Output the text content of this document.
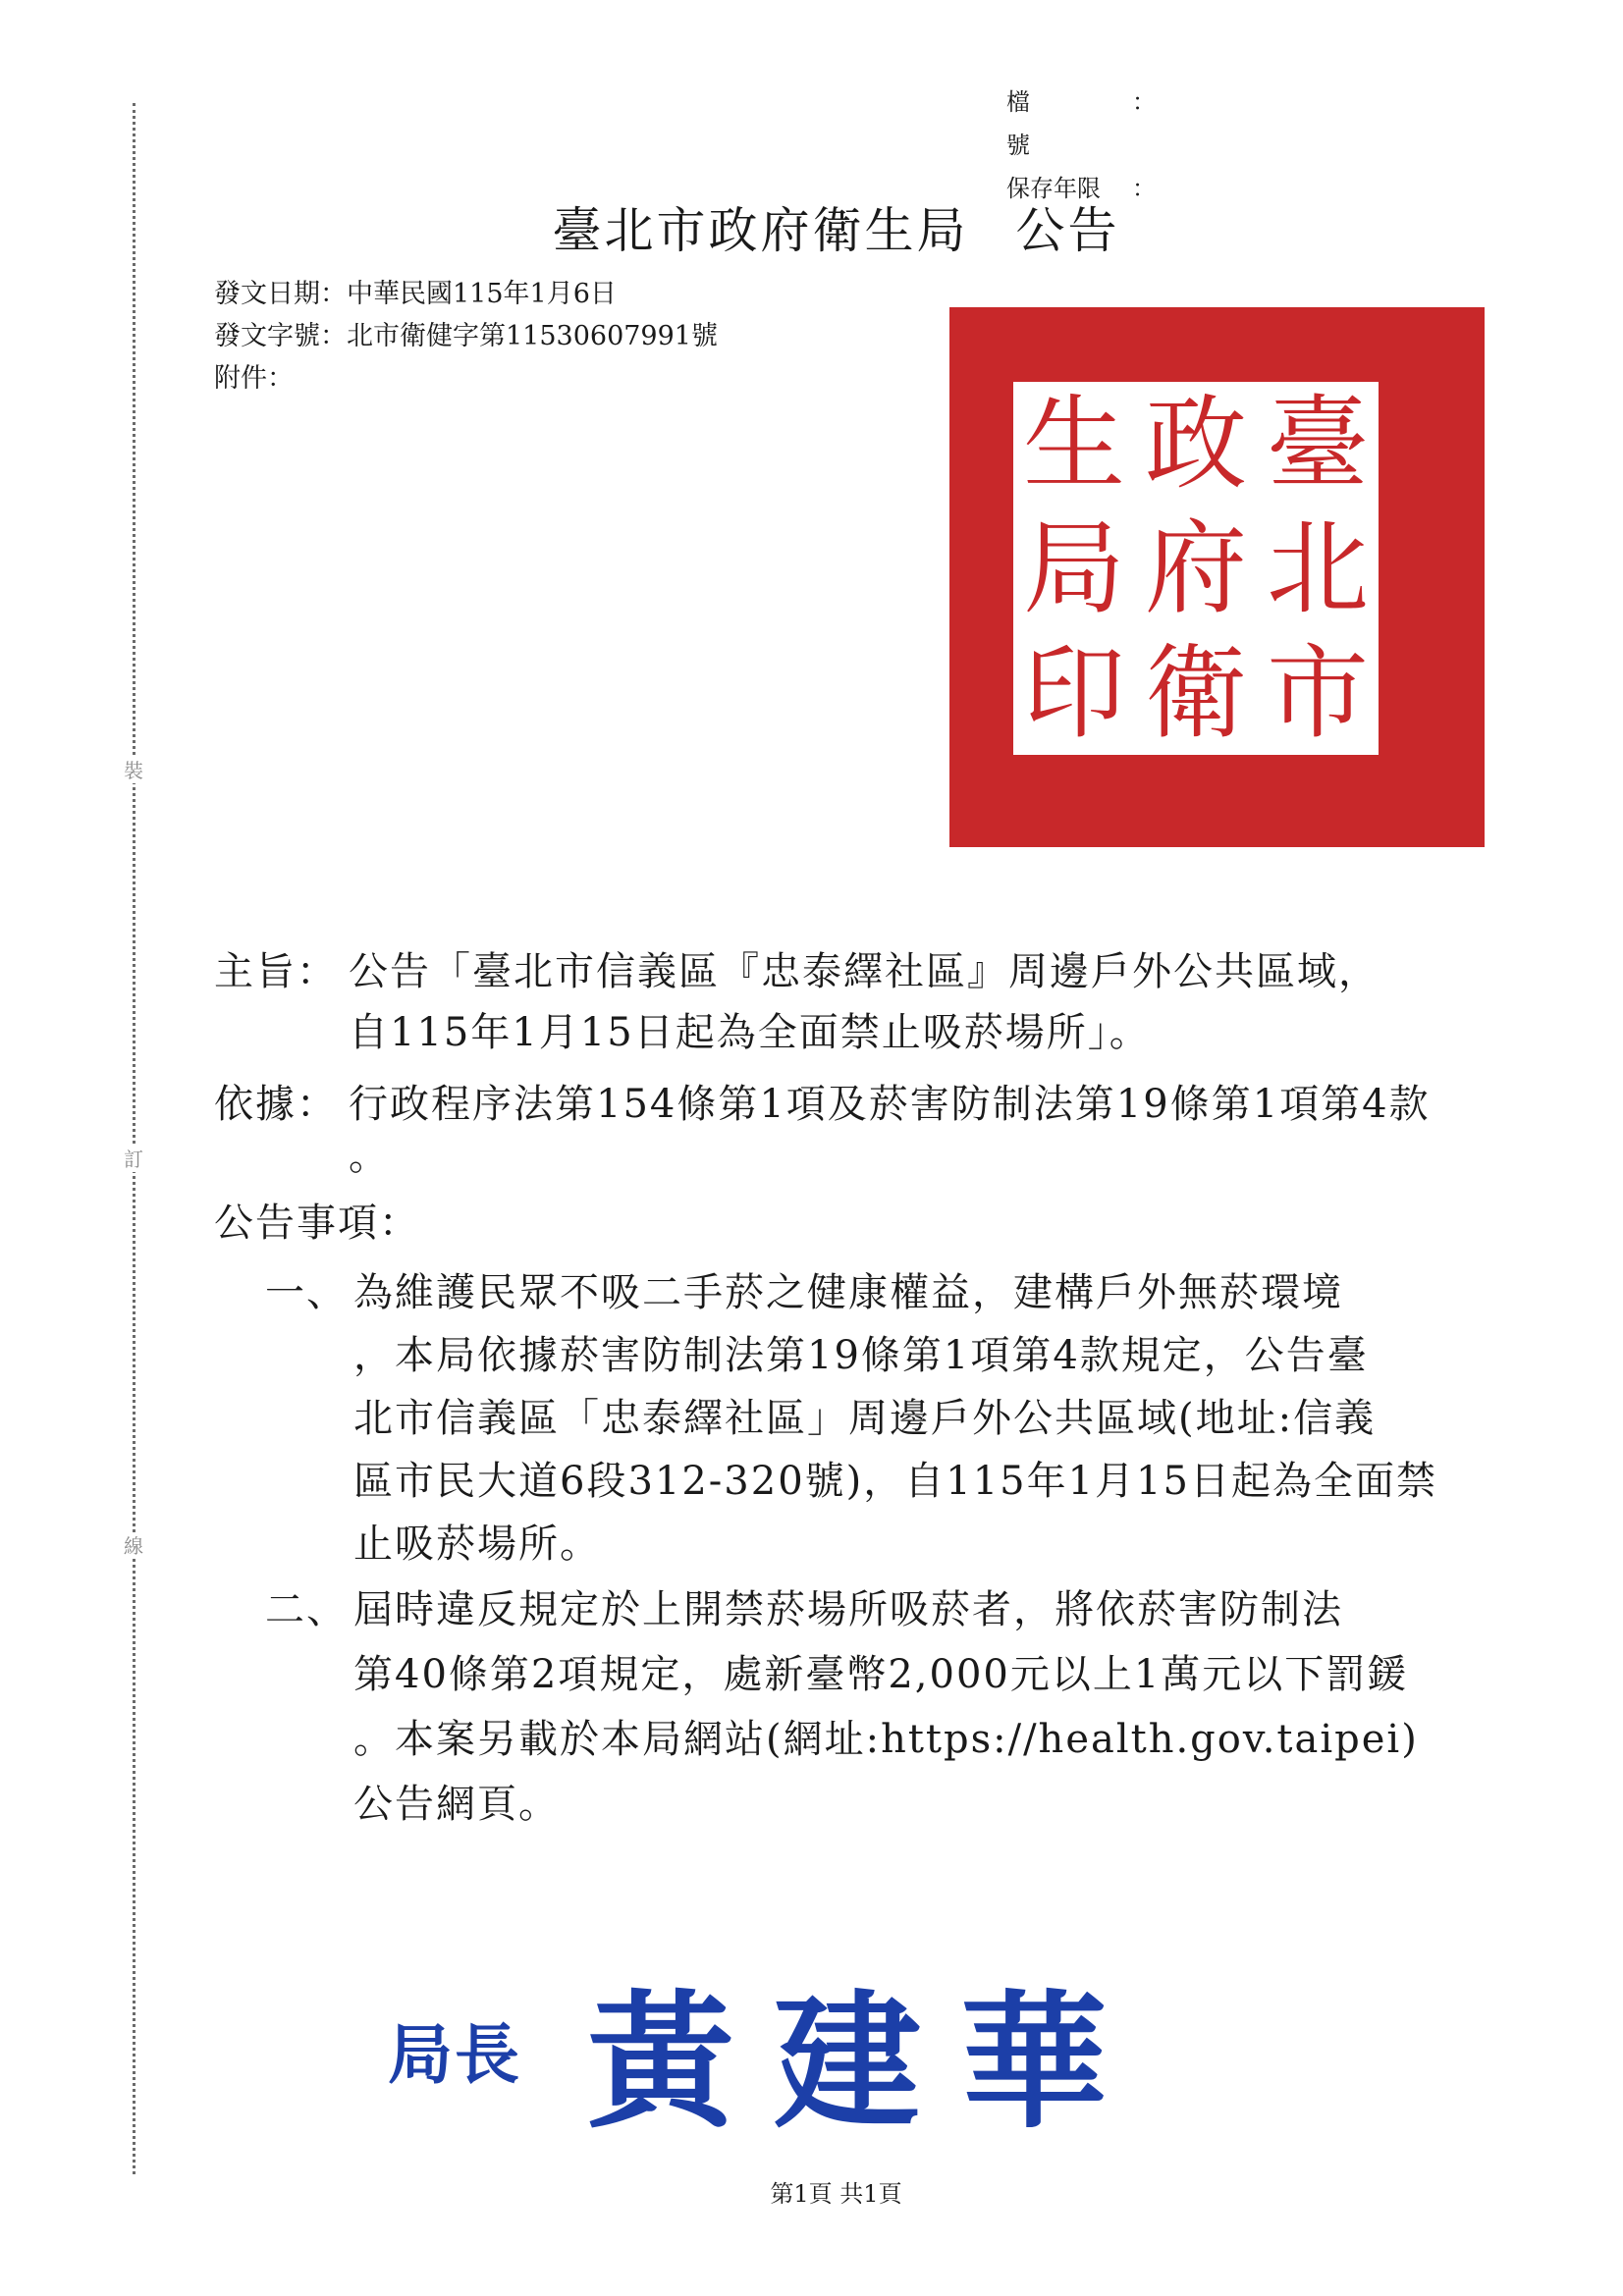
裝
訂
線
檔號
：
保存年限	：
臺北市政府衛生局 公告
發文日期：中華民國115年1月6日
發文字號：北市衛健字第11530607991號
附件：
生 政 臺
局 府 北
印 衛 市
主旨： 公告「臺北市信義區『忠泰繹社區』周邊戶外公共區域，
自115年1月15日起為全面禁止吸菸場所」。
依據： 行政程序法第154條第1項及菸害防制法第19條第1項第4款
。
公告事項：
一、 為維護民眾不吸二手菸之健康權益，建構戶外無菸環境
，本局依據菸害防制法第19條第1項第4款規定，公告臺
北市信義區「忠泰繹社區」周邊戶外公共區域(地址:信義
區市民大道6段312-320號)，自115年1月15日起為全面禁
止吸菸場所。
二、 屆時違反規定於上開禁菸場所吸菸者，將依菸害防制法
第40條第2項規定，處新臺幣2,000元以上1萬元以下罰鍰
。本案另載於本局網站(網址:https://health.gov.taipei)
公告網頁。
局長 黃建華
第1頁 共1頁
